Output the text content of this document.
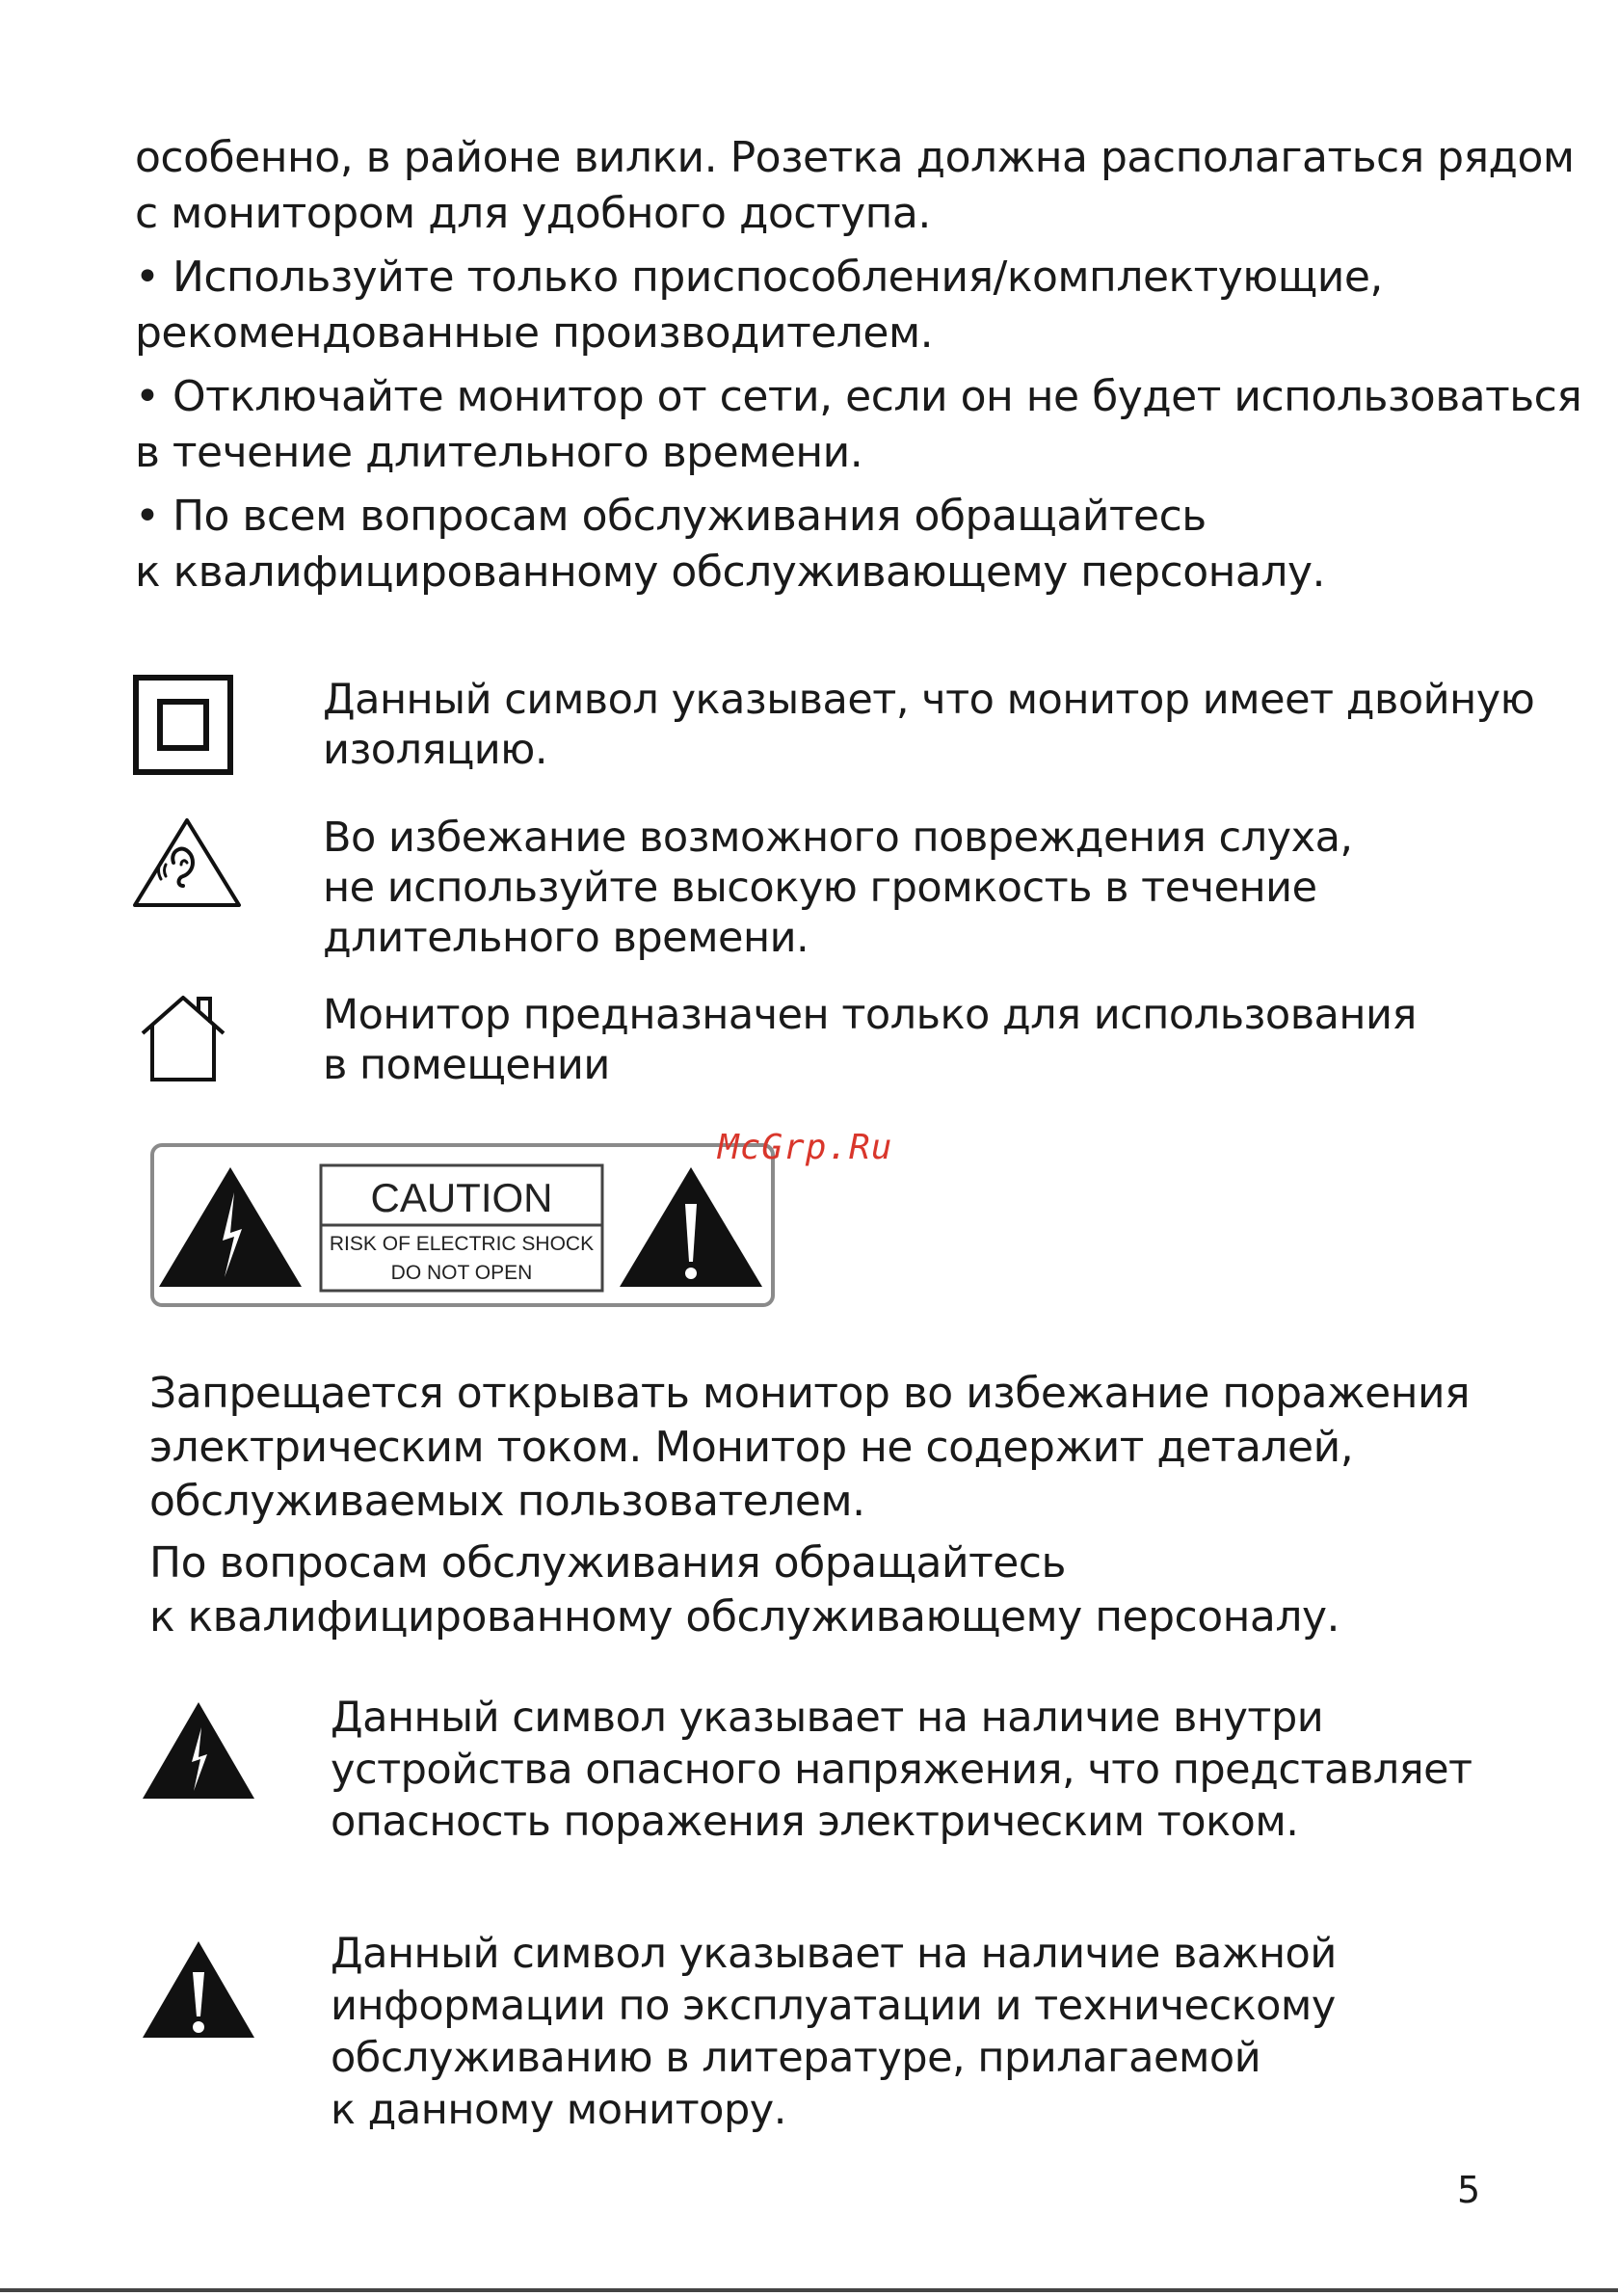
особенно, в районе вилки. Розетка должна располагаться рядом
с монитором для удобного доступа.

• Используйте только приспособления/комплектующие,
рекомендованные производителем.

• Отключайте монитор от сети, если он не будет использоваться
в течение длительного времени.

• По всем вопросам обслуживания обращайтесь
к квалифицированному обслуживающему персоналу.

Данный символ указывает, что монитор имеет двойную
изоляцию.
Во избежание возможного повреждения слуха,
не используйте высокую громкость в течение
длительного времени.
Монитор предназначен только для использования
в помещении
CAUTION
RISK OF ELECTRIC SHOCK
DO NOT OPEN
McGrp.Ru

Запрещается открывать монитор во избежание поражения
электрическим током. Монитор не содержит деталей,
обслуживаемых пользователем.

По вопросам обслуживания обращайтесь
к квалифицированному обслуживающему персоналу.

Данный символ указывает на наличие внутри
устройства опасного напряжения, что представляет
опасность поражения электрическим током.
Данный символ указывает на наличие важной
информации по эксплуатации и техническому
обслуживанию в литературе, прилагаемой
к данному монитору.
5
